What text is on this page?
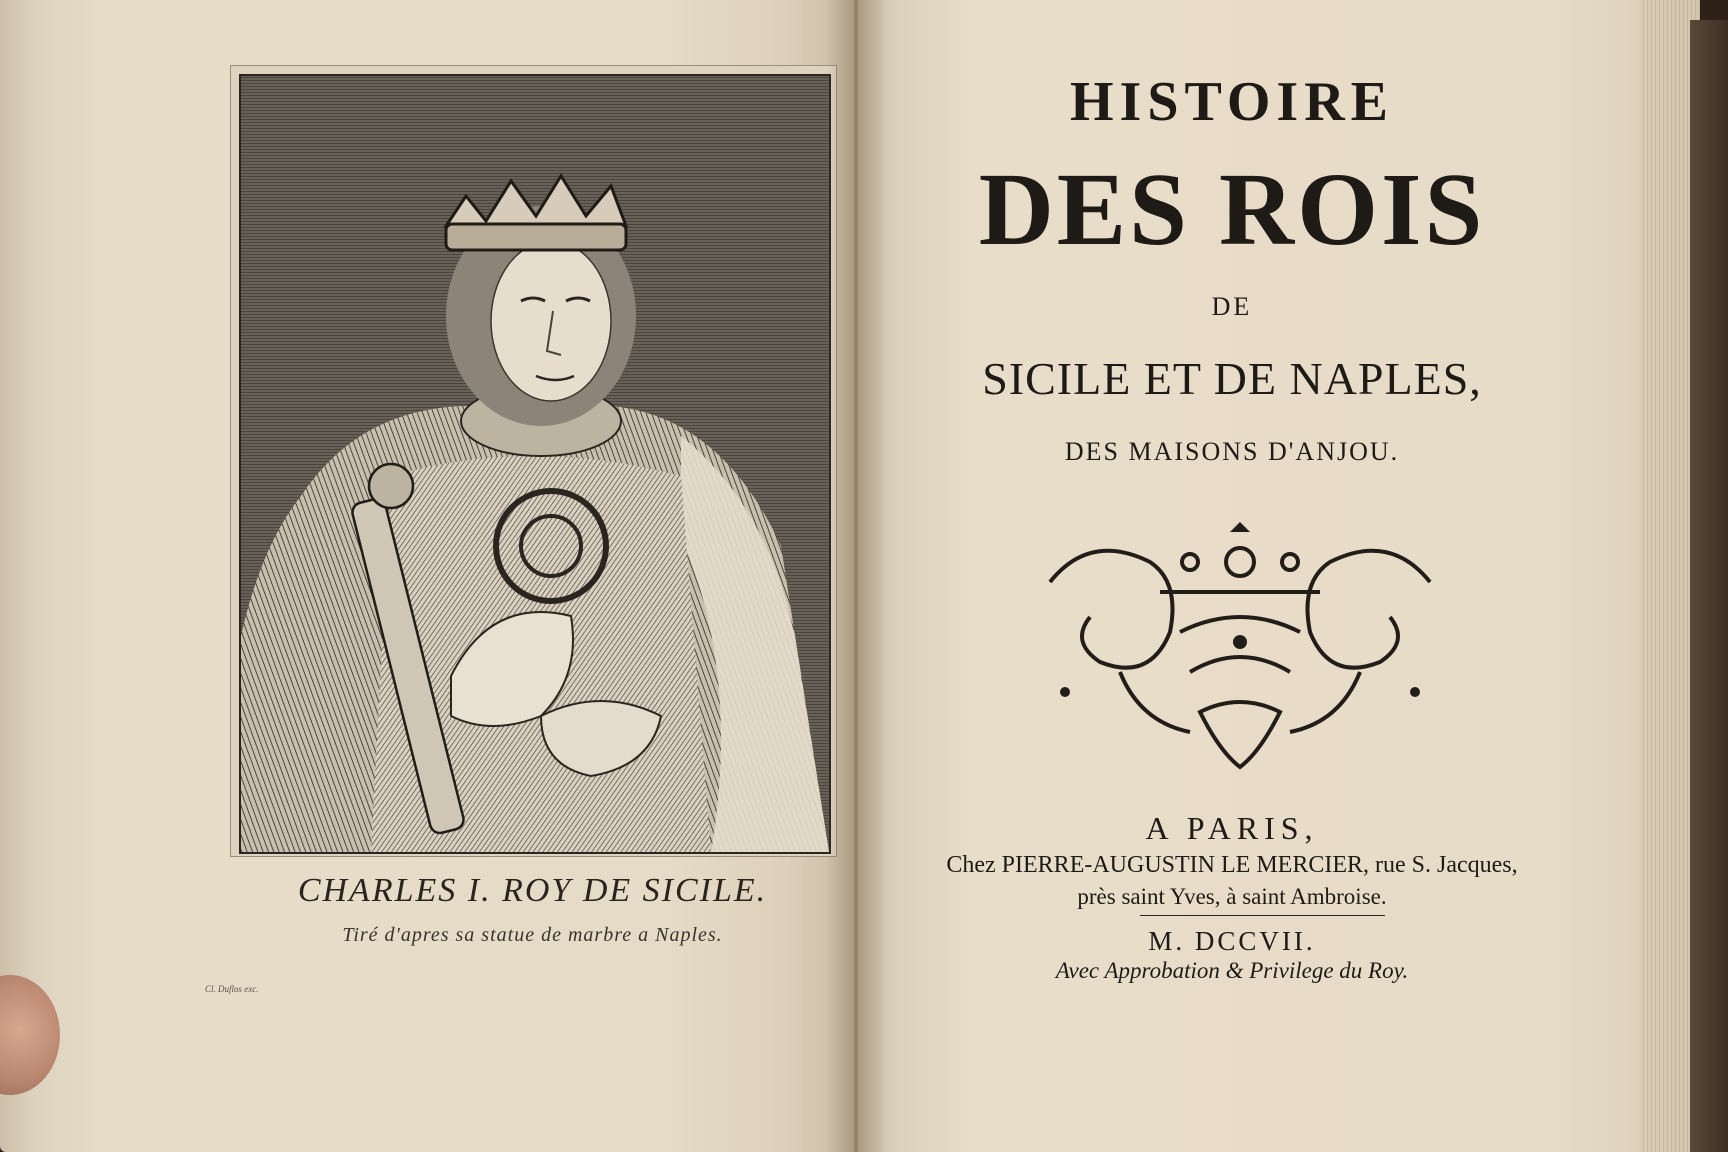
CHARLES I. ROY DE SICILE.
Tiré d'apres sa statue de marbre a Naples.
Cl. Duflos exc.
HISTOIRE
DES ROIS
DE
SICILE ET DE NAPLES,
DES MAISONS D'ANJOU.
A PARIS,
Chez PIERRE-AUGUSTIN LE MERCIER, rue S. Jacques,
près saint Yves, à saint Ambroise.
M. DCCVII.
Avec Approbation & Privilege du Roy.
